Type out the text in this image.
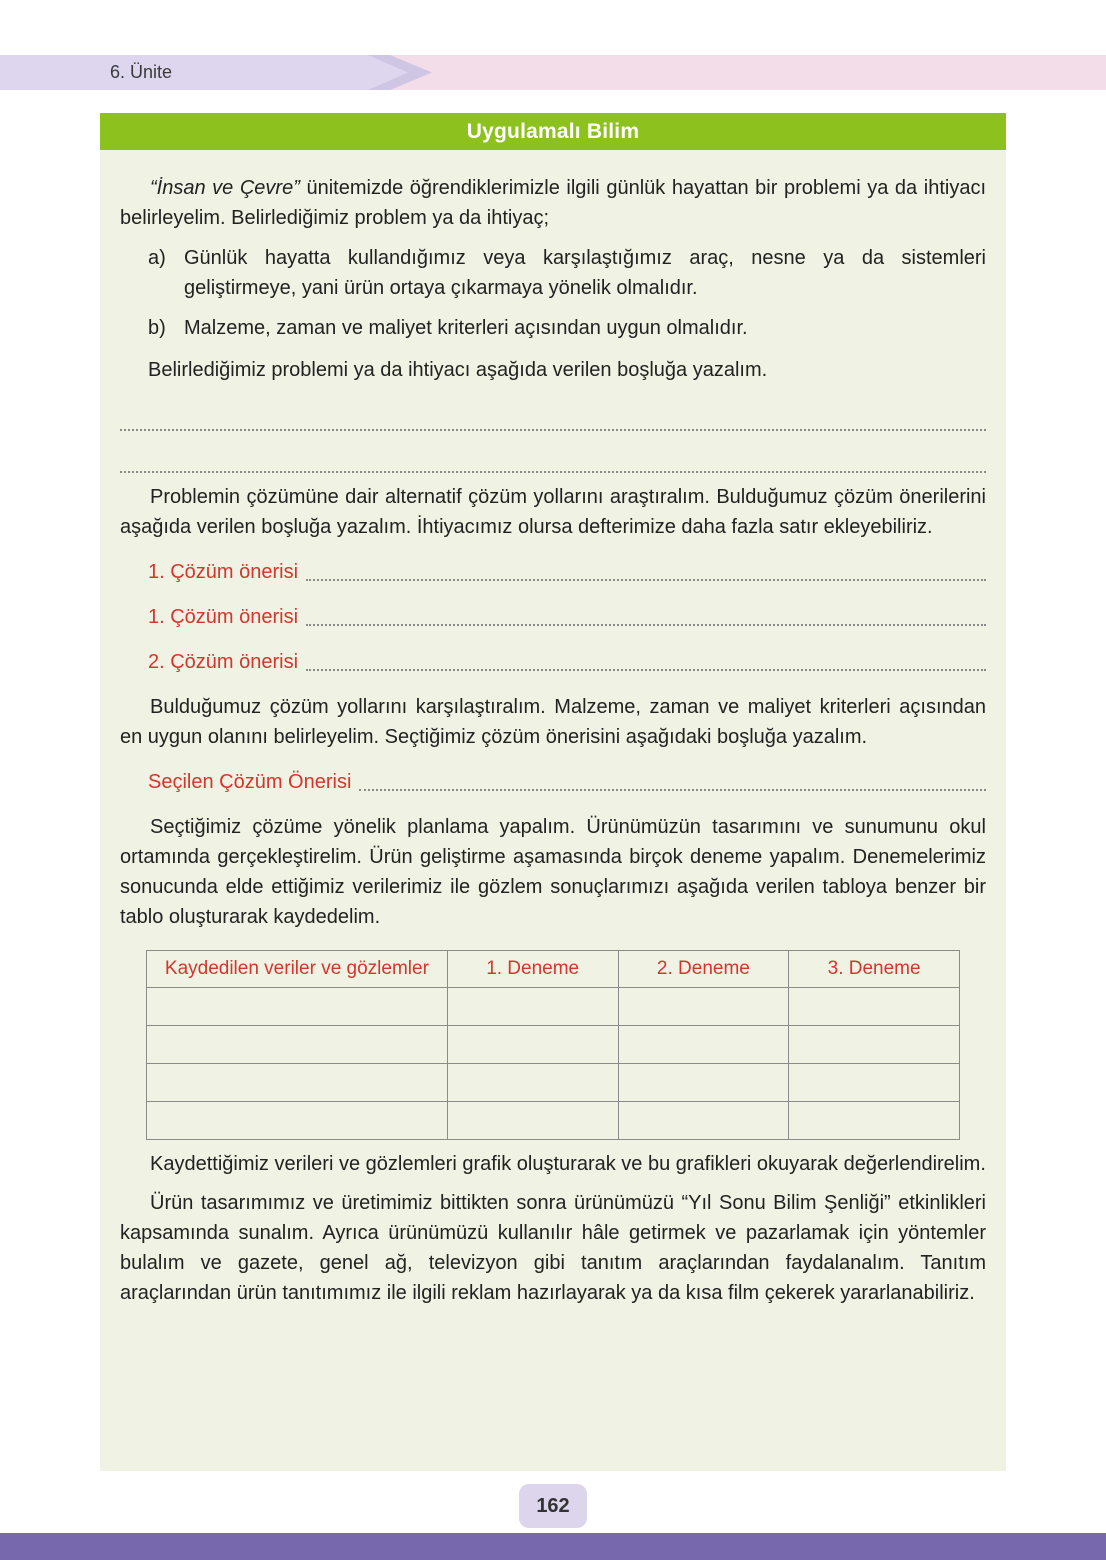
6. Ünite
Uygulamalı Bilim

“İnsan ve Çevre” ünitemizde öğrendiklerimizle ilgili günlük hayattan bir problemi ya da ihtiyacı belirleyelim. Belirlediğimiz problem ya da ihtiyaç;

a) Günlük hayatta kullandığımız veya karşılaştığımız araç, nesne ya da sistemleri geliştirmeye, yani ürün ortaya çıkarmaya yönelik olmalıdır.
b) Malzeme, zaman ve maliyet kriterleri açısından uygun olmalıdır.

Belirlediğimiz problemi ya da ihtiyacı aşağıda verilen boşluğa yazalım.

Problemin çözümüne dair alternatif çözüm yollarını araştıralım. Bulduğumuz çözüm önerilerini aşağıda verilen boşluğa yazalım. İhtiyacımız olursa defterimize daha fazla satır ekleyebiliriz.

1. Çözüm önerisi
1. Çözüm önerisi
2. Çözüm önerisi

Bulduğumuz çözüm yollarını karşılaştıralım. Malzeme, zaman ve maliyet kriterleri açısından en uygun olanını belirleyelim. Seçtiğimiz çözüm önerisini aşağıdaki boşluğa yazalım.

Seçilen Çözüm Önerisi

Seçtiğimiz çözüme yönelik planlama yapalım. Ürünümüzün tasarımını ve sunumunu okul ortamında gerçekleştirelim. Ürün geliştirme aşamasında birçok deneme yapalım. Denemelerimiz sonucunda elde ettiğimiz verilerimiz ile gözlem sonuçlarımızı aşağıda verilen tabloya benzer bir tablo oluşturarak kaydedelim.

Kaydedilen veriler ve gözlemler	1. Deneme	2. Deneme	3. Deneme

Kaydettiğimiz verileri ve gözlemleri grafik oluşturarak ve bu grafikleri okuyarak değerlendirelim.

Ürün tasarımımız ve üretimimiz bittikten sonra ürünümüzü “Yıl Sonu Bilim Şenliği” etkinlikleri kapsamında sunalım. Ayrıca ürünümüzü kullanılır hâle getirmek ve pazarlamak için yöntemler bulalım ve gazete, genel ağ, televizyon gibi tanıtım araçlarından faydalanalım. Tanıtım araçlarından ürün tanıtımımız ile ilgili reklam hazırlayarak ya da kısa film çekerek yararlanabiliriz.

162
